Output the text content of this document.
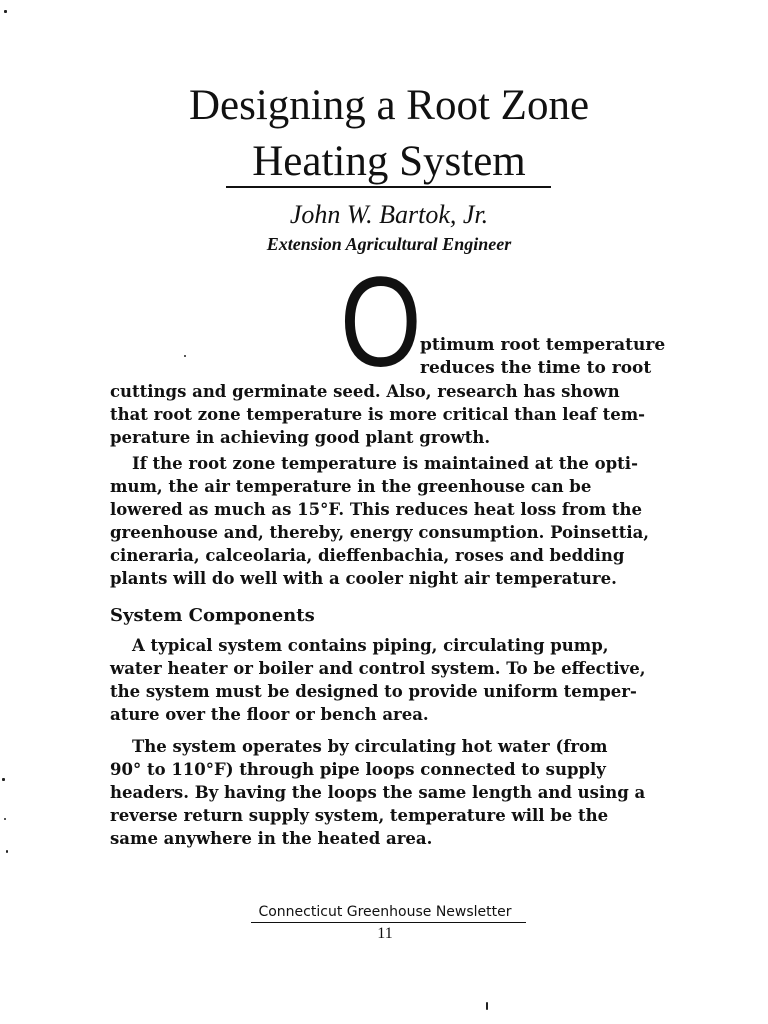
Designing a Root Zone
Heating System
John W. Bartok, Jr.
Extension Agricultural Engineer
O
ptimum root temperature
reduces the time to root
cuttings and germinate seed. Also, research has shown
that root zone temperature is more critical than leaf tem-
perature in achieving good plant growth.
If the root zone temperature is maintained at the opti-
mum, the air temperature in the greenhouse can be
lowered as much as 15°F. This reduces heat loss from the
greenhouse and, thereby, energy consumption. Poinsettia,
cineraria, calceolaria, dieffenbachia, roses and bedding
plants will do well with a cooler night air temperature.
System Components
A typical system contains piping, circulating pump,
water heater or boiler and control system. To be effective,
the system must be designed to provide uniform temper-
ature over the floor or bench area.
The system operates by circulating hot water (from
90° to 110°F) through pipe loops connected to supply
headers. By having the loops the same length and using a
reverse return supply system, temperature will be the
same anywhere in the heated area.
Connecticut Greenhouse Newsletter
11
